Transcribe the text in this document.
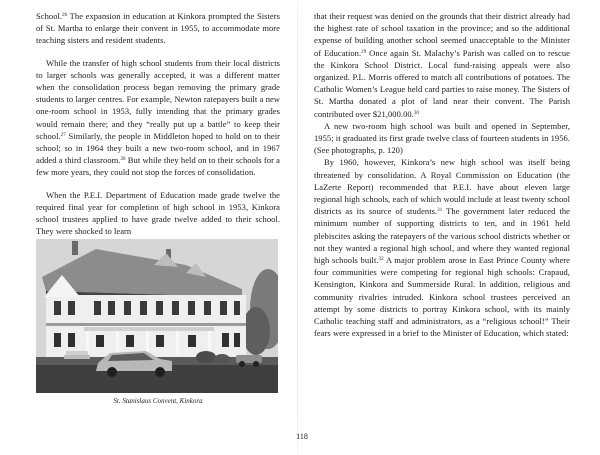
School.$^{26}$ The expansion in education at Kinkora prompted the Sisters of St. Martha to enlarge their convent in 1955, to accommodate more teaching sisters and resident students.

While the transfer of high school students from their local districts to larger schools was generally accepted, it was a different matter when the consolidation process began removing the primary grade students to larger centres. For example, Newton ratepayers built a new one-room school in 1953, fully intending that the primary grades would remain there; and they “really put up a battle” to keep their school.$^{27}$ Similarly, the people in Middleton hoped to hold on to their school; so in 1964 they built a new two-room school, and in 1967 added a third classroom.$^{28}$ But while they held on to their schools for a few more years, they could not stop the forces of consolidation.

When the P.E.I. Department of Education made grade twelve the required final year for completion of high school in 1953, Kinkora school trustees applied to have grade twelve added to their school. They were shocked to learn

St. Stanislaus Convent, Kinkora

that their request was denied on the grounds that their district already had the highest rate of school taxation in the province; and so the additional expense of building another school seemed unacceptable to the Minister of Education.$^{29}$ Once again St. Malachy’s Parish was called on to rescue the Kinkora School District. Local fund-raising appeals were also organized. P.L. Morris offered to match all contributions of potatoes. The Catholic Women’s League held card parties to raise money. The Sisters of St. Martha donated a plot of land near their convent. The Parish contributed over $21,000.00.30

A new two-room high school was built and opened in September, 1955; it graduated its first grade twelve class of fourteen students in 1956. (See photographs, p. 120)

By 1960, however, Kinkora’s new high school was itself being threatened by consolidation. A Royal Commission on Education (the LaZerte Report) recommended that P.E.I. have about eleven large regional high schools, each of which would include at least twenty school districts as its source of students.$^{31}$ The government later reduced the minimum number of supporting districts to ten, and in 1961 held plebiscites asking the ratepayers of the various school districts whether or not they wanted a regional high school, and where they wanted regional high schools built.$^{32}$ A major problem arose in East Prince County where four communities were competing for regional high schools: Crapaud, Kensington, Kinkora and Summerside Rural. In addition, religious and community rivalries intruded. Kinkora school trustees perceived an attempt by some districts to portray Kinkora school, with its mainly Catholic teaching staff and administrators, as a “religious school!” Their fears were expressed in a brief to the Minister of Education, which stated:

118
